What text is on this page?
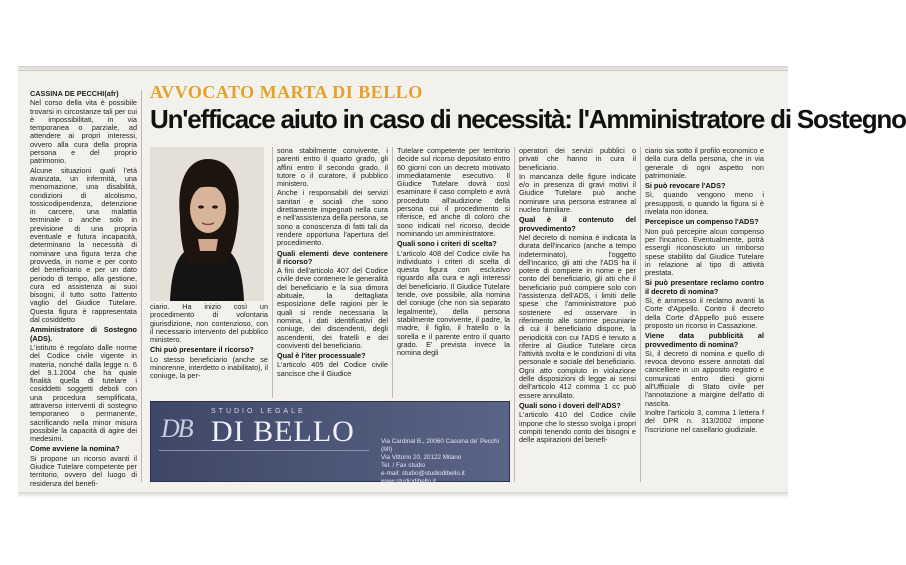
AVVOCATO MARTA DI BELLO
Un'efficace aiuto in caso di necessità: l'Amministratore di Sostegno

CASSINA DE PECCHI(afr)

Nel corso della vita è possibile trovarsi in circostanze tali per cui è impossibilitati, in via temporanea o parziale, ad attendere ai propri interessi, ovvero alla cura della propria persona e del proprio patrimonio.

Alcune situazioni quali l'età avanzata, un infermità, una menomazione, una disabilità, condizioni di alcolismo, tossicodipendenza, detenzione in carcere, una malattia terminale o anche solo in previsione di una propria eventuale e futura incapacità, determinano la necessità di nominare una figura terza che provveda, in nome e per conto del beneficiario e per un dato periodo di tempo, alla gestione, cura ed assistenza ai suoi bisogni, il tutto sotto l'attento vaglio del Giudice Tutelare. Questa figura è rappresentata dal cosiddetto

Amministratore di Sostegno (ADS).

L'istituto è regolato dalle norme del Codice civile vigente in materia, nonché dalla legge n. 6 del 9.1.2004 che ha quale finalità quella di tutelare i cosiddetti soggetti deboli con una procedura semplificata, attraverso interventi di sostegno temporaneo o permanente, sacrificando nella minor misura possibile la capacità di agire dei medesimi.

Come avviene la nomina?

Si propone un ricorso avanti il Giudice Tutelare competente per territorio, ovvero del luogo di residenza del benefi-

ciario. Ha inizio così un procedimento di volontaria giurisdizione, non contenzioso, con il necessario intervento del pubblico ministero.

Chi può presentare il ricorso?

Lo stesso beneficiario (anche se minorenne, interdetto o inabilitato), il coniuge, la per-

sona stabilmente convivente, i parenti entro il quarto grado, gli affini entro il secondo grado, il tutore o il curatore, il pubblico ministero.

Anche i responsabili dei servizi sanitari e sociali che sono direttamente impegnati nella cura e nell'assistenza della persona, se sono a conoscenza di fatti tali da rendere opportuna l'apertura del procedimento.

Quali elementi deve contenere il ricorso?

A fini dell'articolo 407 del Codice civile deve contenere le generalità del beneficiario e la sua dimora abituale, la dettagliata esposizione delle ragioni per le quali si rende necessaria la nomina, i dati identificativi del coniuge, dei discendenti, degli ascendenti, dei fratelli e dei conviventi del beneficiario.

Qual è l'iter processuale?

L'articolo 405 del Codice civile sancisce che il Giudice

Tutelare competente per territorio decide sul ricorso depositato entro 60 giorni con un decreto motivato immediatamente esecutivo. Il Giudice Tutelare dovrà così esaminare il caso completo e avrà proceduto all'audizione della persona cui il procedimento si riferisce, ed anche di coloro che sono indicati nel ricorso, decide nominando un amministratore.

Quali sono i criteri di scelta?

L'articolo 408 del Codice civile ha individuato i criteri di scelta di questa figura con esclusivo riguardo alla cura e agli interessi del beneficiario. Il Giudice Tutelare tende, ove possibile, alla nomina del coniuge (che non sia separato legalmente), della persona stabilmente convivente, il padre, la madre, il figlio, il fratello o la sorella e il parente entro il quarto grado. E' prevista invece la nomina degli

operatori dei servizi pubblici o privati che hanno in cura il beneficiario.

In mancanza delle figure indicate e/o in presenza di gravi motivi il Giudice Tutelare può anche nominare una persona estranea al nucleo familiare.

Qual è il contenuto del provvedimento?

Nel decreto di nomina è indicata la durata dell'incarico (anche a tempo indeterminato), l'oggetto dell'incarico, gli atti che l'ADS ha il potere di compiere in nome e per conto del beneficiario, gli atti che il beneficiario può compiere solo con l'assistenza dell'ADS, i limiti delle spese che l'amministratore può sostenere ed osservare in riferimento alle somme pecuniarie di cui il beneficiario dispone, la periodicità con cui l'ADS è tenuto a riferire al Giudice Tutelare circa l'attività svolta e le condizioni di vita personale e sociale del beneficiario. Ogni atto compiuto in violazione delle disposizioni di legge ai sensi dell'articolo 412 comma 1 cc può essere annullato.

Quali sono i doveri dell'ADS?

L'articolo 410 del Codice civile impone che lo stesso svolga i propri compiti tenendo conto dei bisogni e delle aspirazioni del benefi-

ciario sia sotto il profilo economico e della cura della persona, che in via generale di ogni aspetto non patrimoniale.

Si può revocare l'ADS?

Sì, quando vengono meno i presupposti, o quando la figura si è rivelata non idonea.

Percepisce un compenso l'ADS?

Non può percepire alcun compenso per l'incarico. Eventualmente, potrà essergli riconosciuto un rimborso spese stabilito dal Giudice Tutelare in relazione al tipo di attività prestata.

Si può presentare reclamo contro il decreto di nomina?

Sì, è ammesso il reclamo avanti la Corte d'Appello. Contro il decreto della Corte d'Appello può essere proposto un ricorso in Cassazione.

Viene data pubblicità al provvedimento di nomina?

Sì, il decreto di nomina e quello di revoca devono essere annotati dal cancelliere in un apposito registro e comunicati entro dieci giorni all'Ufficiale di Stato civile per l'annotazione a margine dell'atto di nascita.

Inoltre l'articolo 3, comma 1 lettera f del DPR n. 313/2002 impone l'iscrizione nel casellario giudiziale.

DB
STUDIO LEGALE
DI BELLO	Via Cardinal B., 20060 Cassina de' Pecchi (MI)
Via Vittorio 20, 20122 Milano
Tel. / Fax studio
e-mail: studio@studiodibello.it
www.studiodibello.it
